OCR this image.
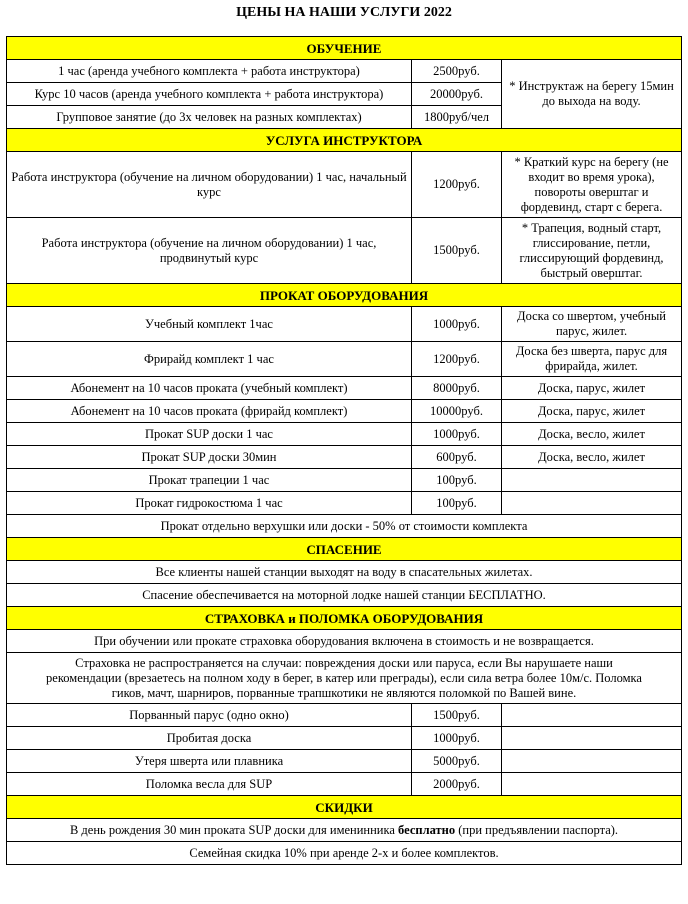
ЦЕНЫ НА НАШИ УСЛУГИ 2022
ОБУЧЕНИЕ		
1 час (аренда учебного комплекта + работа инструктора)	2500руб.	* Инструктаж на берегу 15мин до выхода на воду.
Курс 10 часов (аренда учебного комплекта + работа инструктора)	20000руб.	
Групповое занятие (до 3х человек на разных комплектах)	1800руб/чел	
УСЛУГА ИНСТРУКТОРА		
Работа инструктора (обучение на личном оборудовании) 1 час, начальный курс	1200руб.	* Краткий курс на берегу (не входит во время урока), повороты оверштаг и фордевинд, старт с берега.
Работа инструктора (обучение на личном оборудовании) 1 час, продвинутый курс	1500руб.	* Трапеция, водный старт, глиссирование, петли, глиссирующий фордевинд, быстрый оверштаг.
ПРОКАТ ОБОРУДОВАНИЯ		
Учебный комплект 1час	1000руб.	Доска со швертом, учебный парус, жилет.
Фрирайд комплект 1 час	1200руб.	Доска без шверта, парус для фрирайда, жилет.
Абонемент на 10 часов проката (учебный комплект)	8000руб.	Доска, парус, жилет
Абонемент на 10 часов проката (фрирайд комплект)	10000руб.	Доска, парус, жилет
Прокат SUP доски 1 час	1000руб.	Доска, весло, жилет
Прокат SUP доски 30мин	600руб.	Доска, весло, жилет
Прокат трапеции 1 час	100руб.	
Прокат гидрокостюма 1 час	100руб.	
Прокат отдельно верхушки или доски - 50% от стоимости комплекта		
СПАСЕНИЕ		
Все клиенты нашей станции выходят на воду в спасательных жилетах.		
Спасение обеспечивается на моторной лодке нашей станции БЕСПЛАТНО.		
СТРАХОВКА и ПОЛОМКА ОБОРУДОВАНИЯ		
При обучении или прокате страховка оборудования включена в стоимость и не возвращается.		
Страховка не распространяется на случаи: повреждения доски или паруса, если Вы нарушаете наши рекомендации (врезаетесь на полном ходу в берег, в катер или преграды), если сила ветра более 10м/с. Поломка гиков, мачт, шарниров, порванные трапшкотики не являются поломкой по Вашей вине.		
Порванный парус (одно окно)	1500руб.	
Пробитая доска	1000руб.	
Утеря шверта или плавника	5000руб.	
Поломка весла для SUP	2000руб.	
СКИДКИ		
В день рождения 30 мин проката SUP доски для именинника бесплатно (при предъявлении паспорта).		
Семейная скидка 10% при аренде 2-х и более комплектов.		
